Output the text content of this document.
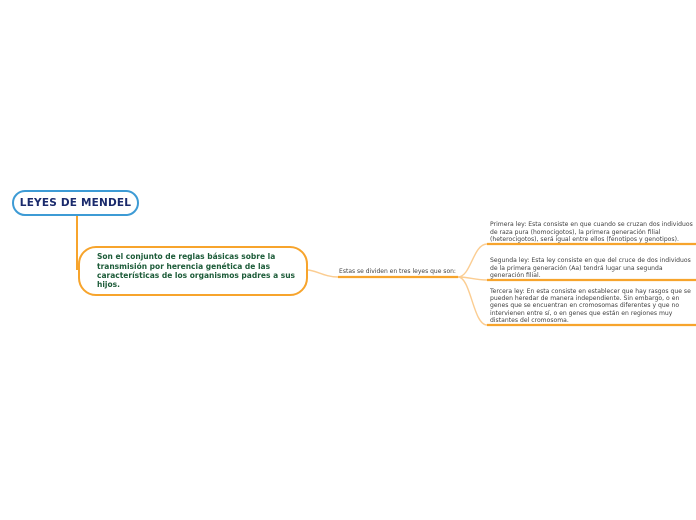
LEYES DE MENDEL
Son el conjunto de reglas básicas sobre la transmisión por herencia genética de las características de los organismos padres a sus hijos.
Estas se dividen en tres leyes que son:
Primera ley: Esta consiste en que cuando se cruzan dos individuos de raza pura (homocigotos), la primera generación filial (heterocigotos), será igual entre ellos (fenotipos y genotipos).
Segunda ley: Esta ley consiste en que del cruce de dos individuos de la primera generación (Aa) tendrá lugar una segunda generación filial.
Tercera ley: En esta consiste en establecer que hay rasgos que se pueden heredar de manera independiente. Sin embargo, o en genes que se encuentran en cromosomas diferentes y que no intervienen entre sí, o en genes que están en regiones muy distantes del cromosoma.
